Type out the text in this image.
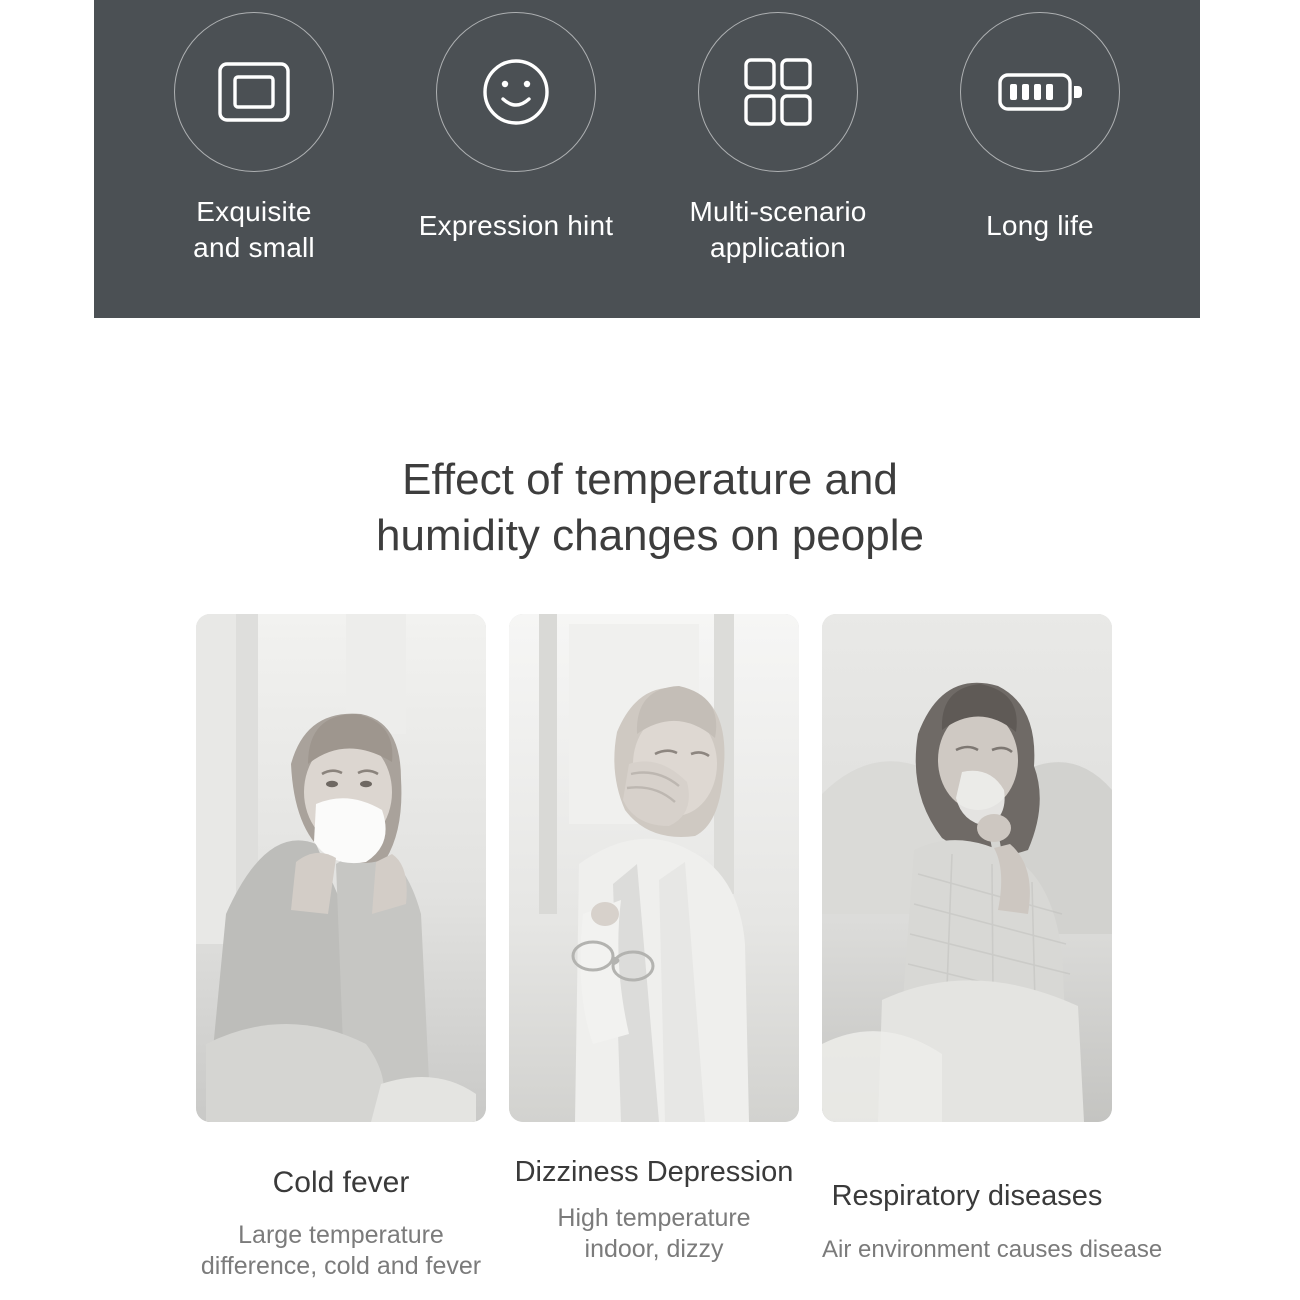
Exquisite
and small
Expression hint	Multi-scenario
application
Long life
Effect of temperature and
humidity changes on people
Cold fever
Large temperature
difference, cold and fever
Dizziness Depression
High temperature
indoor, dizzy
Respiratory diseases
Air environment causes disease
